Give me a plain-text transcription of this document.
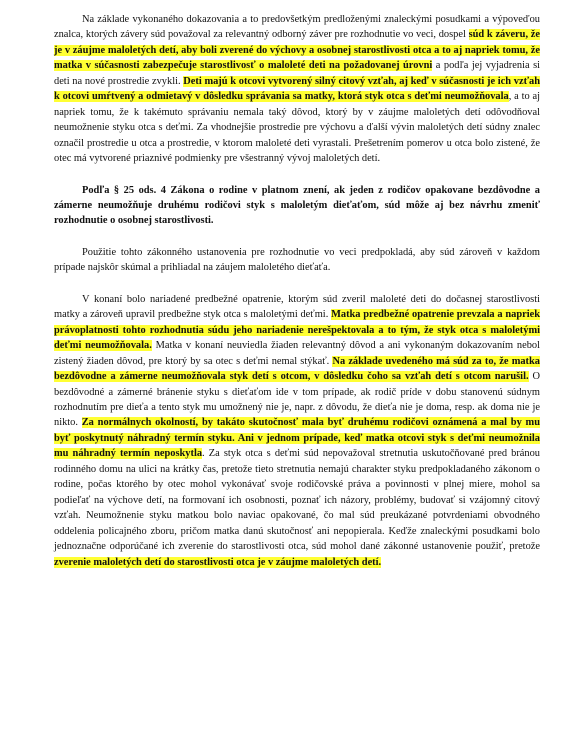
Na základe vykonaného dokazovania a to predovšetkým predloženými znaleckými posudkami a výpoveďou znalca, ktorých závery súd považoval za relevantný odborný záver pre rozhodnutie vo veci, dospel súd k záveru, že je v záujme maloletých detí, aby boli zverené do výchovy a osobnej starostlivosti otca a to aj napriek tomu, že matka v súčasnosti zabezpečuje starostlivosť o maloleté deti na požadovanej úrovni a podľa jej vyjadrenia si deti na nové prostredie zvykli. Deti majú k otcovi vytvorený silný citový vzťah, aj keď v súčasnosti je ich vzťah k otcovi umŕtvený a odmietavý v dôsledku správania sa matky, ktorá styk otca s deťmi neumožňovala, a to aj napriek tomu, že k takémuto správaniu nemala taký dôvod, ktorý by v záujme maloletých detí odôvodňoval neumožnenie styku otca s deťmi. Za vhodnejšie prostredie pre výchovu a ďalší vývin maloletých detí súdny znalec označil prostredie u otca a prostredie, v ktorom maloleté deti vyrastali. Prešetrením pomerov u otca bolo zistené, že otec má vytvorené priaznivé podmienky pre všestranný vývoj maloletých detí.

Podľa § 25 ods. 4 Zákona o rodine v platnom znení, ak jeden z rodičov opakovane bezdôvodne a zámerne neumožňuje druhému rodičovi styk s maloletým dieťaťom, súd môže aj bez návrhu zmeniť rozhodnutie o osobnej starostlivosti.

Použitie tohto zákonného ustanovenia pre rozhodnutie vo veci predpokladá, aby súd zároveň v každom prípade najskôr skúmal a prihliadal na záujem maloletého dieťaťa.

V konaní bolo nariadené predbežné opatrenie, ktorým súd zveril maloleté deti do dočasnej starostlivosti matky a zároveň upravil predbežne styk otca s maloletými deťmi. Matka predbežné opatrenie prevzala a napriek právoplatnosti tohto rozhodnutia súdu jeho nariadenie nerešpektovala a to tým, že styk otca s maloletými deťmi neumožňovala. Matka v konaní neuviedla žiaden relevantný dôvod a ani vykonaným dokazovaním nebol zistený žiaden dôvod, pre ktorý by sa otec s deťmi nemal stýkať. Na základe uvedeného má súd za to, že matka bezdôvodne a zámerne neumožňovala styk detí s otcom, v dôsledku čoho sa vzťah detí s otcom narušil. O bezdôvodné a zámerné bránenie styku s dieťaťom ide v tom prípade, ak rodič príde v dobu stanovenú súdnym rozhodnutím pre dieťa a tento styk mu umožnený nie je, napr. z dôvodu, že dieťa nie je doma, resp. ak doma nie je nikto. Za normálnych okolností, by takáto skutočnosť mala byť druhému rodičovi oznámená a mal by mu byť poskytnutý náhradný termín styku. Ani v jednom prípade, keď matka otcovi styk s deťmi neumožnila mu náhradný termín neposkytla. Za styk otca s deťmi súd nepovažoval stretnutia uskutočňované pred bránou rodinného domu na ulici na krátky čas, pretože tieto stretnutia nemajú charakter styku predpokladaného zákonom o rodine, počas ktorého by otec mohol vykonávať svoje rodičovské práva a povinnosti v plnej miere, mohol sa podieľať na výchove detí, na formovaní ich osobnosti, poznať ich názory, problémy, budovať si vzájomný citový vzťah. Neumožnenie styku matkou bolo naviac opakované, čo mal súd preukázané potvrdeniami obvodného oddelenia policajného zboru, pričom matka danú skutočnosť ani nepopierala. Keďže znaleckými posudkami bolo jednoznačne odporúčané ich zverenie do starostlivosti otca, súd mohol dané zákonné ustanovenie použiť, pretože zverenie maloletých detí do starostlivosti otca je v záujme maloletých detí.
